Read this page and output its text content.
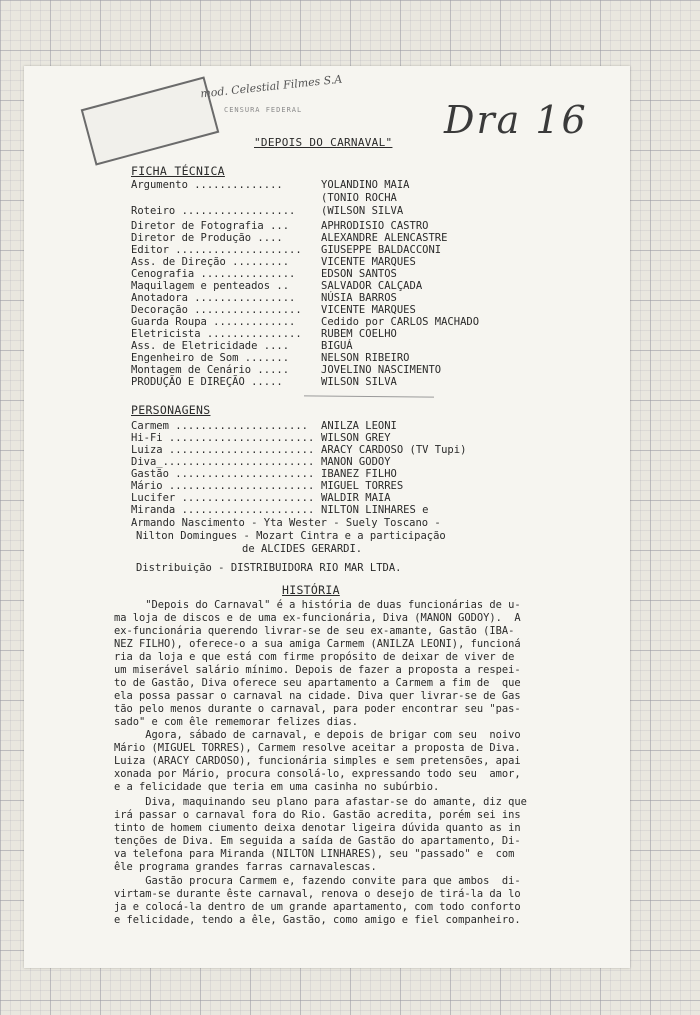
mod. Celestial Filmes S.A
CENSURA FEDERAL	Dra 16
"DEPOIS DO CARNAVAL"
FICHA TÉCNICA
Argumento ..............	YOLANDINO MAIA
(TONIO ROCHA
Roteiro .................. (WILSON SILVA
Diretor de Fotografia ...	APHRODISIO CASTRO
Diretor de Produção ....	ALEXANDRE ALENCASTRE
Editor .................... GIUSEPPE BALDACCONI
Ass. de Direção .........	VICENTE MARQUES
Cenografia ............... EDSON SANTOS
Maquilagem e penteados ..	SALVADOR CALÇADA
Anotadora ................ NÚSIA BARROS
Decoração ................. VICENTE MARQUES
Guarda Roupa ............. Cedido por CARLOS MACHADO
Eletricista ............... RUBEM COELHO
Ass. de Eletricidade ....	BIGUÁ
Engenheiro de Som .......	NELSON RIBEIRO
Montagem de Cenário .....	JOVELINO NASCIMENTO
PRODUÇÃO E DIREÇÃO .....	WILSON SILVA
PERSONAGENS
Carmem ..................... ANILZA LEONI
Hi-Fi ....................... WILSON GREY
Luiza ....................... ARACY CARDOSO (TV Tupi)
Diva_........................ MANON GODOY
Gastão ...................... IBANEZ FILHO
Mário ....................... MIGUEL TORRES
Lucifer ..................... WALDIR MAIA
Miranda ..................... NILTON LINHARES e
Armando Nascimento - Yta Wester - Suely Toscano -
Nilton Domingues - Mozart Cintra e a participação
de ALCIDES GERARDI.
Distribuição - DISTRIBUIDORA RIO MAR LTDA.
HISTÓRIA
"Depois do Carnaval" é a história de duas funcionárias de u-
ma loja de discos e de uma ex-funcionária, Diva (MANON GODOY).  A
ex-funcionária querendo livrar-se de seu ex-amante, Gastão (IBA-
NEZ FILHO), oferece-o a sua amiga Carmem (ANILZA LEONI), funcioná
ria da loja e que está com firme propósito de deixar de viver de
um miserável salário mínimo. Depois de fazer a proposta a respei-
to de Gastão, Diva oferece seu apartamento a Carmem a fim de  que
ela possa passar o carnaval na cidade. Diva quer livrar-se de Gas
tão pelo menos durante o carnaval, para poder encontrar seu "pas-
sado" e com êle rememorar felizes dias.
Agora, sábado de carnaval, e depois de brigar com seu  noivo
Mário (MIGUEL TORRES), Carmem resolve aceitar a proposta de Diva.
Luiza (ARACY CARDOSO), funcionária simples e sem pretensões, apai
xonada por Mário, procura consolá-lo, expressando todo seu  amor,
e a felicidade que teria em uma casinha no subúrbio.
Diva, maquinando seu plano para afastar-se do amante, diz que
irá passar o carnaval fora do Rio. Gastão acredita, porém sei ins
tinto de homem ciumento deixa denotar ligeira dúvida quanto as in
tenções de Diva. Em seguida a saída de Gastão do apartamento, Di-
va telefona para Miranda (NILTON LINHARES), seu "passado" e  com
êle programa grandes farras carnavalescas.
Gastão procura Carmem e, fazendo convite para que ambos  di-
virtam-se durante êste carnaval, renova o desejo de tirá-la da lo
ja e colocá-la dentro de um grande apartamento, com todo conforto
e felicidade, tendo a êle, Gastão, como amigo e fiel companheiro.
